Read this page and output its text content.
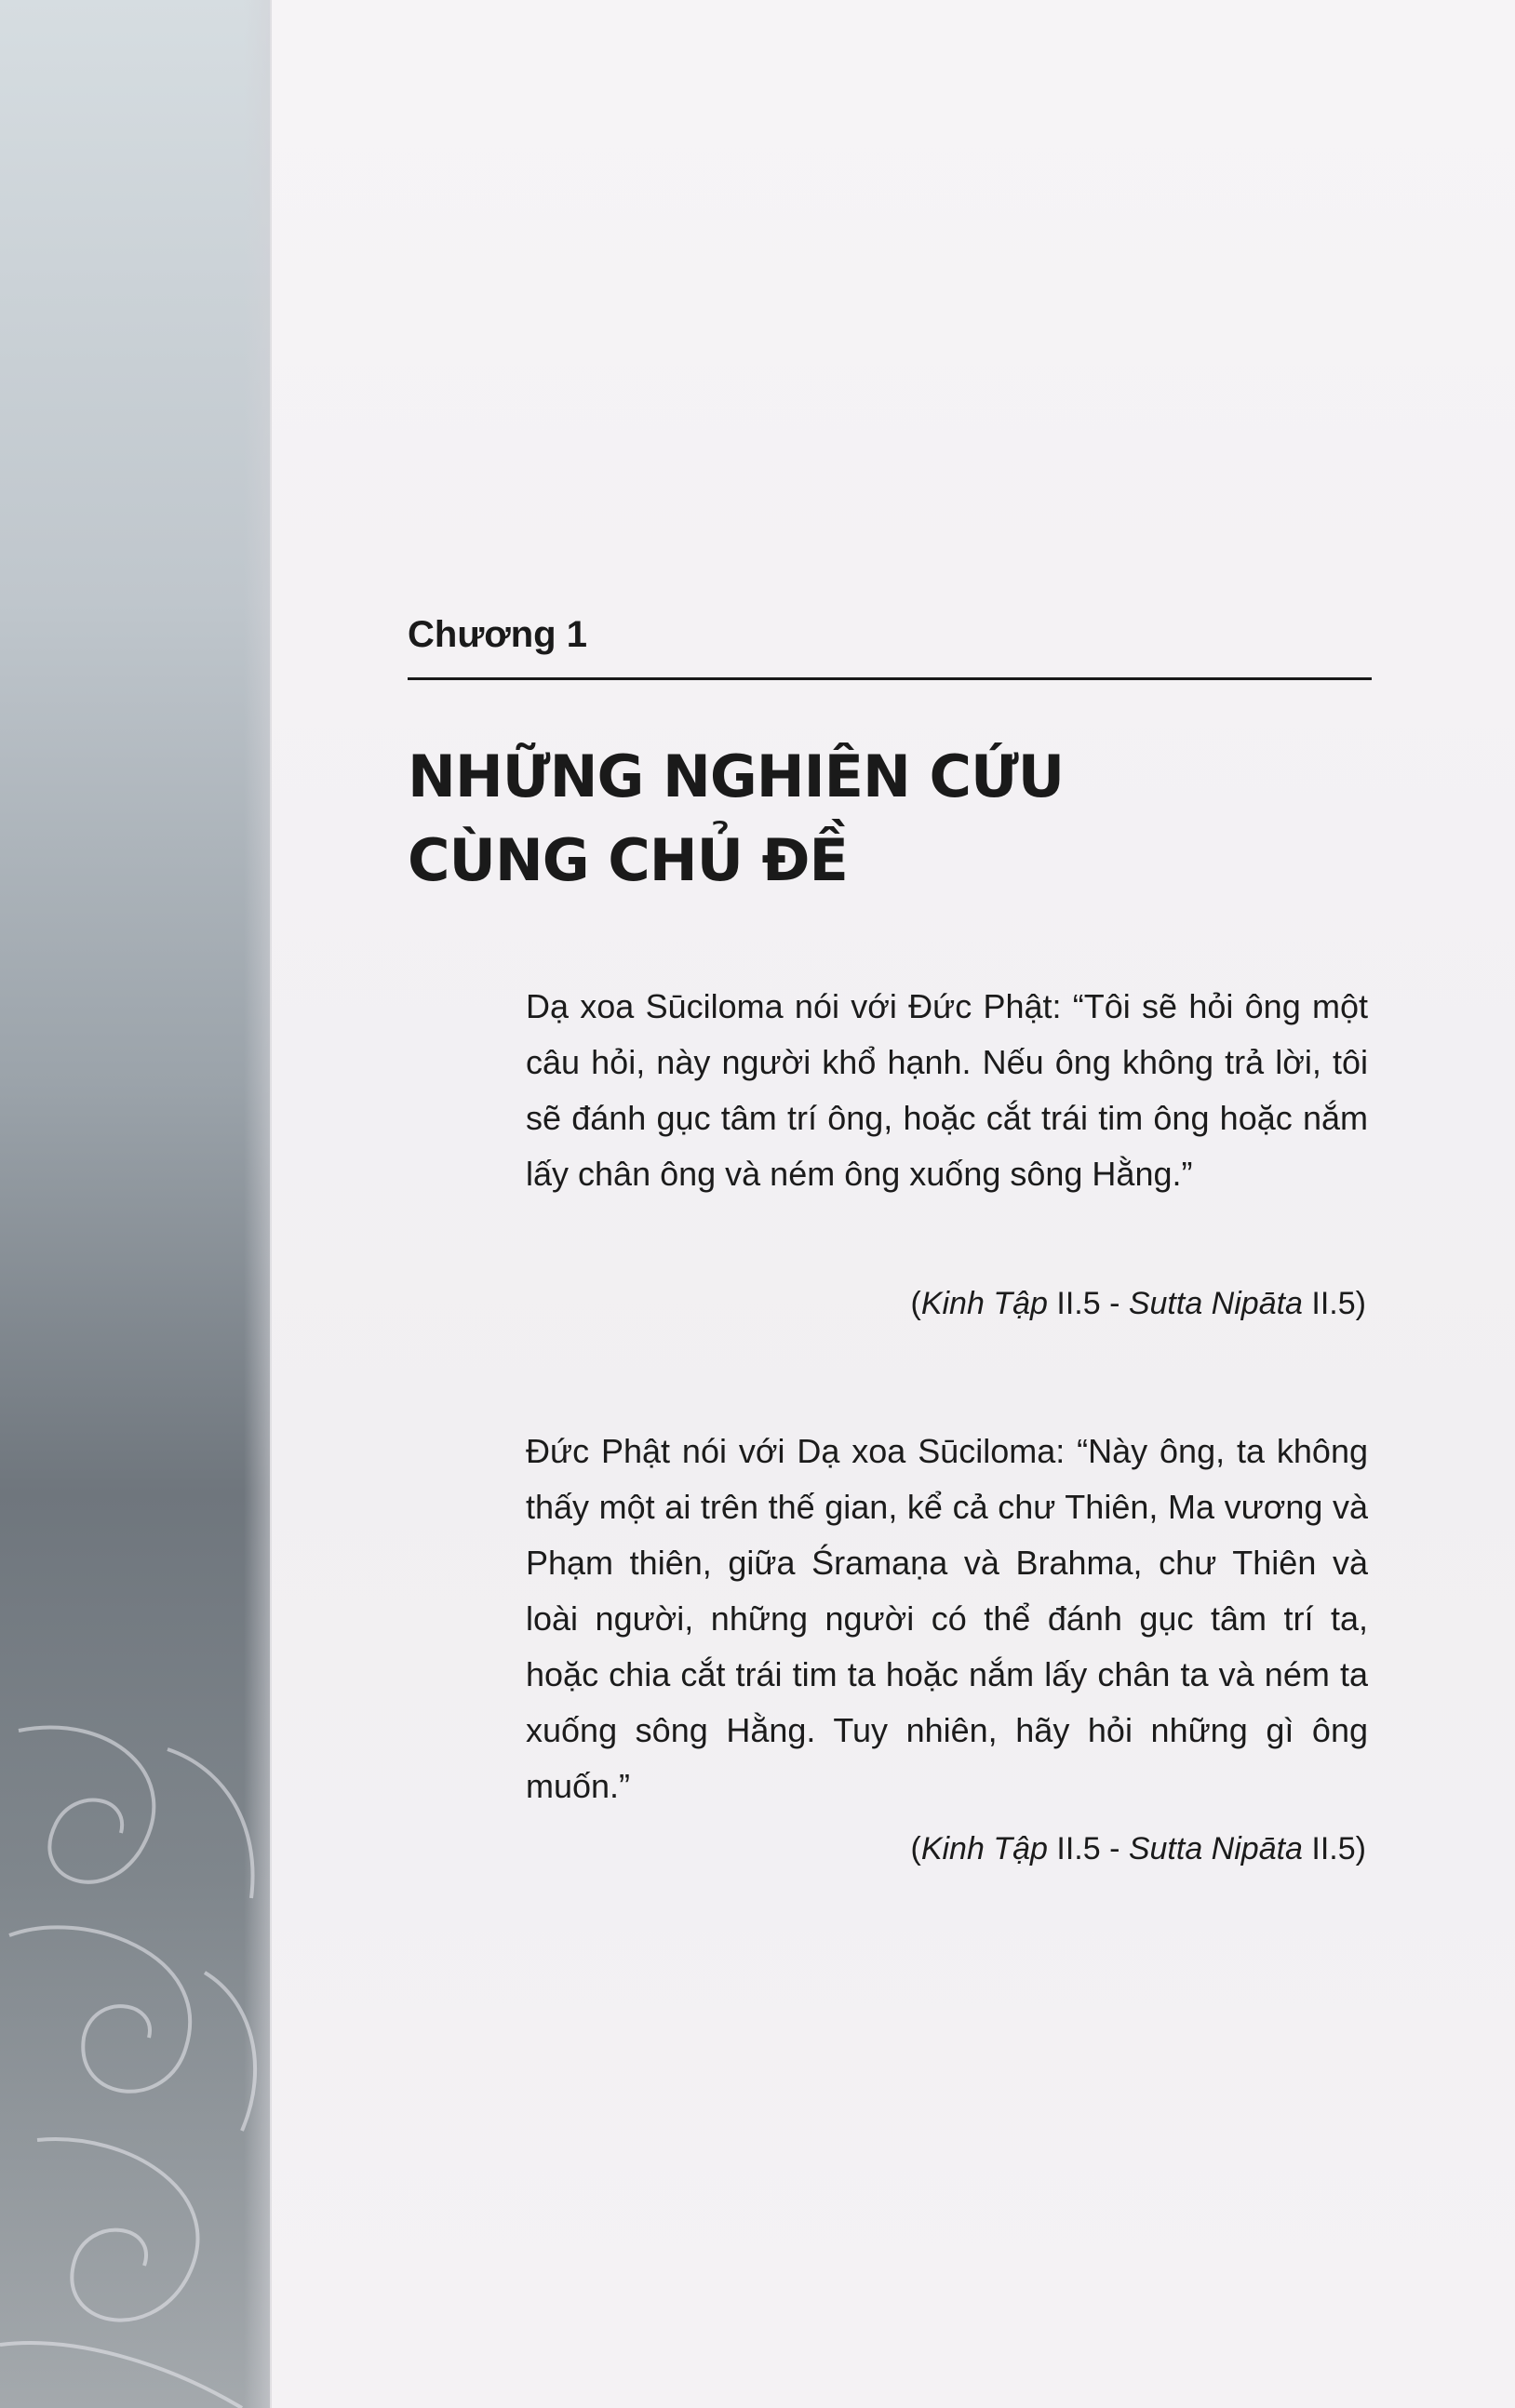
Chương 1
NHỮNG NGHIÊN CỨU
CÙNG CHỦ ĐỀ
Dạ xoa Sūciloma nói với Đức Phật: “Tôi sẽ hỏi ông một câu hỏi, này người khổ hạnh. Nếu ông không trả lời, tôi sẽ đánh gục tâm trí ông, hoặc cắt trái tim ông hoặc nắm lấy chân ông và ném ông xuống sông Hằng.”
(Kinh Tập II.5 - Sutta Nipāta II.5)
Đức Phật nói với Dạ xoa Sūciloma: “Này ông, ta không thấy một ai trên thế gian, kể cả chư Thiên, Ma vương và Phạm thiên, giữa Śramaṇa và Brahma, chư Thiên và loài người, những người có thể đánh gục tâm trí ta, hoặc chia cắt trái tim ta hoặc nắm lấy chân ta và ném ta xuống sông Hằng. Tuy nhiên, hãy hỏi những gì ông muốn.”
(Kinh Tập II.5 - Sutta Nipāta II.5)
